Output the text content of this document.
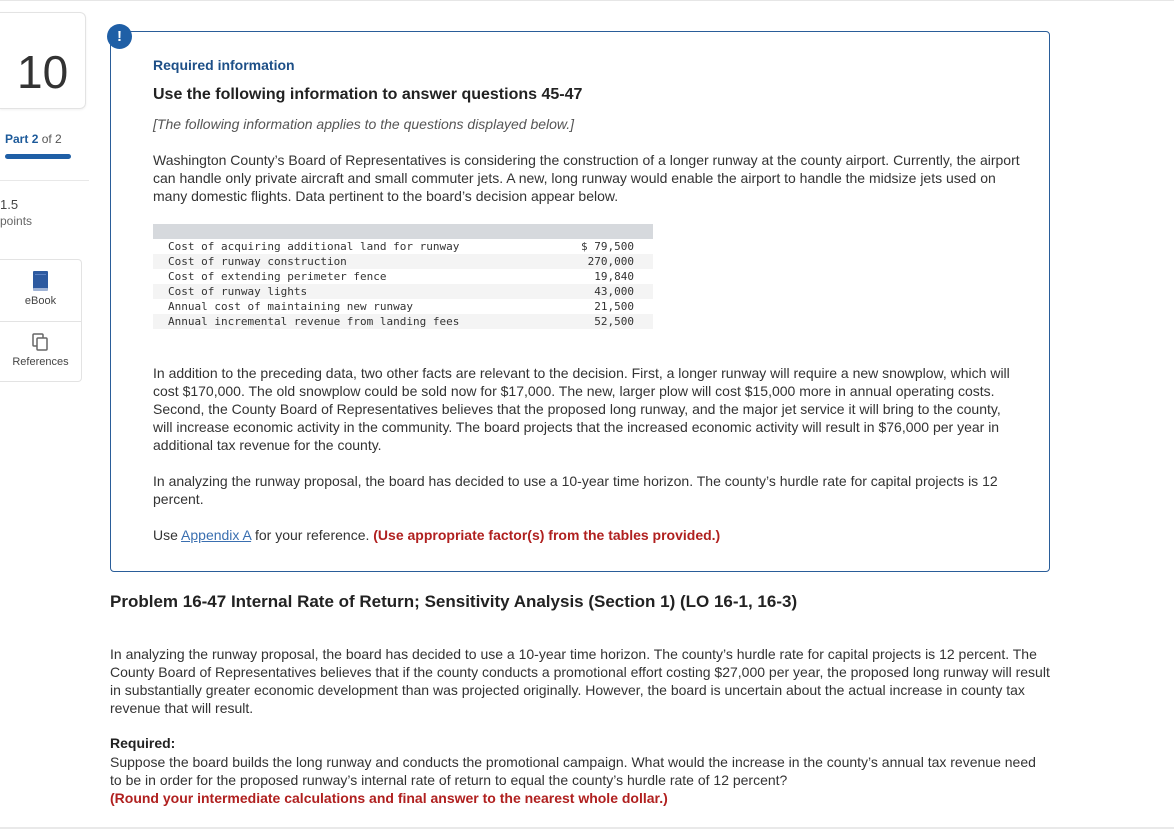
10
Part 2 of 2
1.5
points
eBook
References
!
Required information
Use the following information to answer questions 45-47
[The following information applies to the questions displayed below.]
Washington County’s Board of Representatives is considering the construction of a longer runway at the county airport. Currently, the airport can handle only private aircraft and small commuter jets. A new, long runway would enable the airport to handle the midsize jets used on many domestic flights. Data pertinent to the board’s decision appear below.
Cost of acquiring additional land for runway	$ 79,500
Cost of runway construction	270,000
Cost of extending perimeter fence	19,840
Cost of runway lights	43,000
Annual cost of maintaining new runway	21,500
Annual incremental revenue from landing fees	52,500
In addition to the preceding data, two other facts are relevant to the decision. First, a longer runway will require a new snowplow, which will cost $170,000. The old snowplow could be sold now for $17,000. The new, larger plow will cost $15,000 more in annual operating costs. Second, the County Board of Representatives believes that the proposed long runway, and the major jet service it will bring to the county, will increase economic activity in the community. The board projects that the increased economic activity will result in $76,000 per year in additional tax revenue for the county.
In analyzing the runway proposal, the board has decided to use a 10-year time horizon. The county’s hurdle rate for capital projects is 12 percent.
Use Appendix A for your reference. (Use appropriate factor(s) from the tables provided.)
Problem 16-47 Internal Rate of Return; Sensitivity Analysis (Section 1) (LO 16-1, 16-3)
In analyzing the runway proposal, the board has decided to use a 10-year time horizon. The county’s hurdle rate for capital projects is 12 percent. The County Board of Representatives believes that if the county conducts a promotional effort costing $27,000 per year, the proposed long runway will result in substantially greater economic development than was projected originally. However, the board is uncertain about the actual increase in county tax revenue that will result.
Required:
Suppose the board builds the long runway and conducts the promotional campaign. What would the increase in the county’s annual tax revenue need to be in order for the proposed runway’s internal rate of return to equal the county’s hurdle rate of 12 percent?
(Round your intermediate calculations and final answer to the nearest whole dollar.)
